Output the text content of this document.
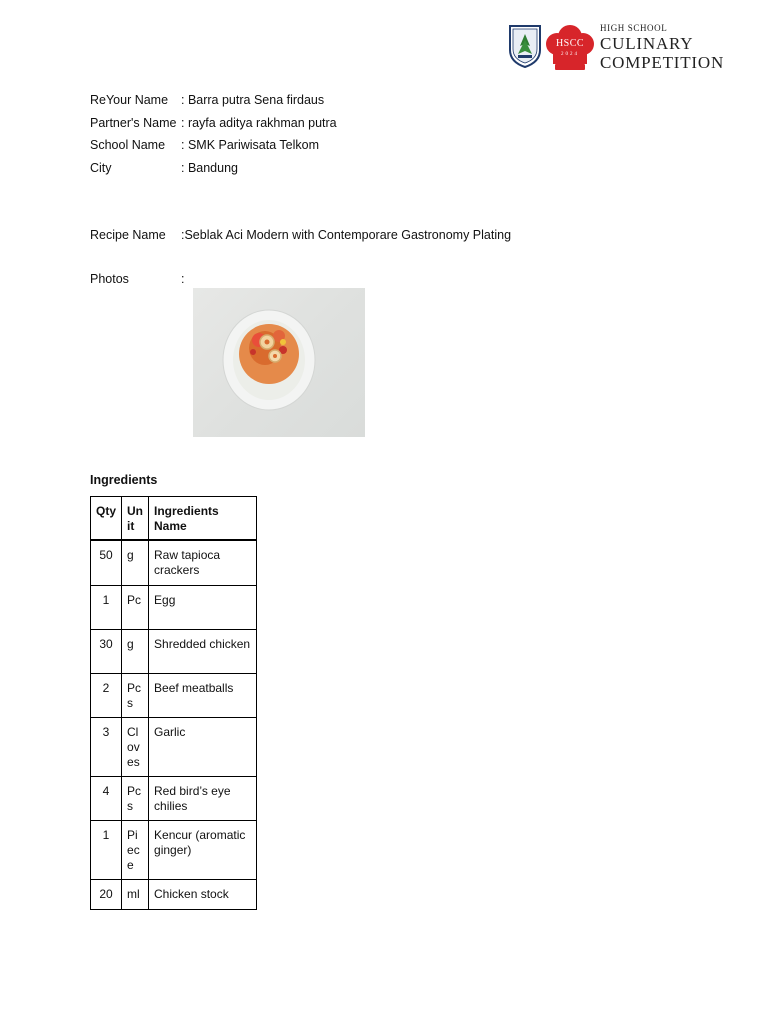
HSCC
2024
HIGH SCHOOL
CULINARY
COMPETITION
ReYour Name : Barra putra Sena firdaus
Partner's Name : rayfa aditya rakhman putra
School Name : SMK Pariwisata Telkom
City	: Bandung
Recipe Name :Seblak Aci Modern with Contemporare Gastronomy Plating
Photos	:
Ingredients
Qty	Unit	Ingredients Name
50	g	Raw tapioca crackers
1	Pc	Egg
30	g	Shredded chicken
2	Pcs	Beef meatballs
3	Cloves	Garlic
4	Pcs	Red bird’s eye chilies
1	Piece	Kencur (aromatic ginger)
20	ml	Chicken stock
